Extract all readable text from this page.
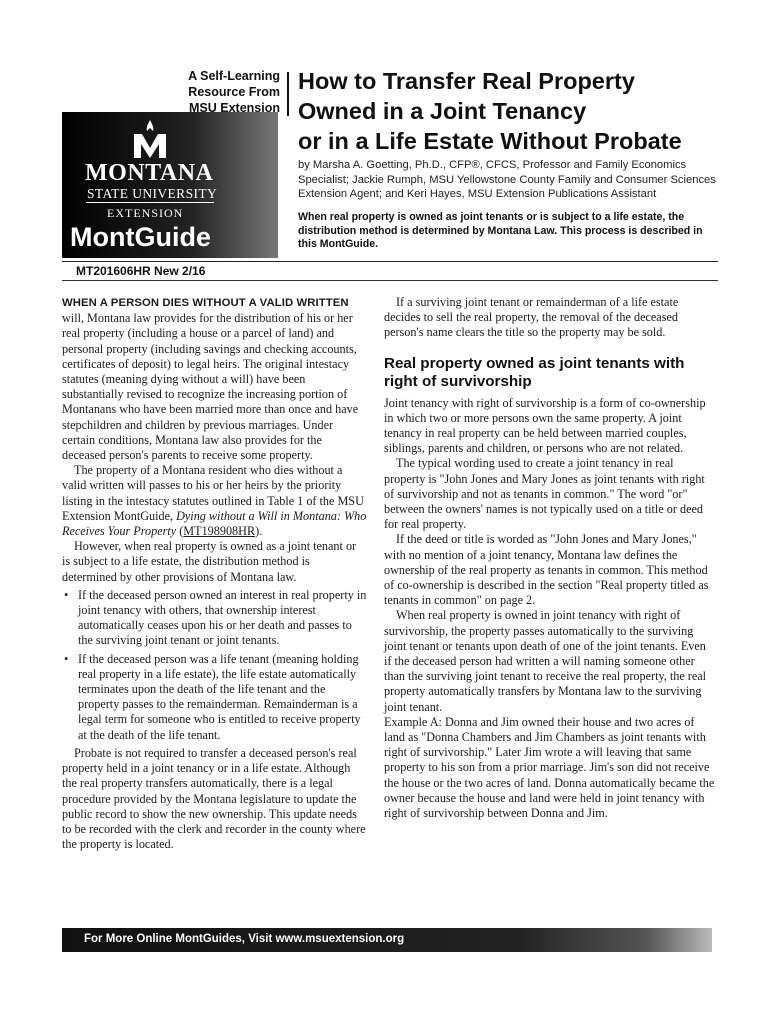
MONTANA
STATE UNIVERSITY
EXTENSION
MontGuide
A Self-Learning
Resource From
MSU Extension
How to Transfer Real Property
Owned in a Joint Tenancy
or in a Life Estate Without Probate
by Marsha A. Goetting, Ph.D., CFP®, CFCS, Professor and Family Economics Specialist; Jackie Rumph, MSU Yellowstone County Family and Consumer Sciences Extension Agent; and Keri Hayes, MSU Extension Publications Assistant
When real property is owned as joint tenants or is subject to a life estate, the distribution method is determined by Montana Law. This process is described in this MontGuide.
MT201606HR New 2/16

WHEN A PERSON DIES WITHOUT A VALID WRITTEN will, Montana law provides for the distribution of his or her real property (including a house or a parcel of land) and personal property (including savings and checking accounts, certificates of deposit) to legal heirs. The original intestacy statutes (meaning dying without a will) have been substantially revised to recognize the increasing portion of Montanans who have been married more than once and have stepchildren and children by previous marriages. Under certain conditions, Montana law also provides for the deceased person's parents to receive some property.

The property of a Montana resident who dies without a valid written will passes to his or her heirs by the priority listing in the intestacy statutes outlined in Table 1 of the MSU Extension MontGuide, Dying without a Will in Montana: Who Receives Your Property (MT198908HR).

However, when real property is owned as a joint tenant or is subject to a life estate, the distribution method is determined by other provisions of Montana law.

• If the deceased person owned an interest in real property in joint tenancy with others, that ownership interest automatically ceases upon his or her death and passes to the surviving joint tenant or joint tenants.
• If the deceased person was a life tenant (meaning holding real property in a life estate), the life estate automatically terminates upon the death of the life tenant and the property passes to the remainderman. Remainderman is a legal term for someone who is entitled to receive property at the death of the life tenant.

Probate is not required to transfer a deceased person's real property held in a joint tenancy or in a life estate. Although the real property transfers automatically, there is a legal procedure provided by the Montana legislature to update the public record to show the new ownership. This update needs to be recorded with the clerk and recorder in the county where the property is located.

If a surviving joint tenant or remainderman of a life estate decides to sell the real property, the removal of the deceased person's name clears the title so the property may be sold.

Real property owned as joint tenants with right of survivorship

Joint tenancy with right of survivorship is a form of co-ownership in which two or more persons own the same property. A joint tenancy in real property can be held between married couples, siblings, parents and children, or persons who are not related.

The typical wording used to create a joint tenancy in real property is "John Jones and Mary Jones as joint tenants with right of survivorship and not as tenants in common." The word "or" between the owners' names is not typically used on a title or deed for real property.

If the deed or title is worded as "John Jones and Mary Jones," with no mention of a joint tenancy, Montana law defines the ownership of the real property as tenants in common. This method of co-ownership is described in the section "Real property titled as tenants in common" on page 2.

When real property is owned in joint tenancy with right of survivorship, the property passes automatically to the surviving joint tenant or tenants upon death of one of the joint tenants. Even if the deceased person had written a will naming someone other than the surviving joint tenant to receive the real property, the real property automatically transfers by Montana law to the surviving joint tenant.

Example A: Donna and Jim owned their house and two acres of land as "Donna Chambers and Jim Chambers as joint tenants with right of survivorship." Later Jim wrote a will leaving that same property to his son from a prior marriage. Jim's son did not receive the house or the two acres of land. Donna automatically became the owner because the house and land were held in joint tenancy with right of survivorship between Donna and Jim.

For More Online MontGuides, Visit www.msuextension.org
